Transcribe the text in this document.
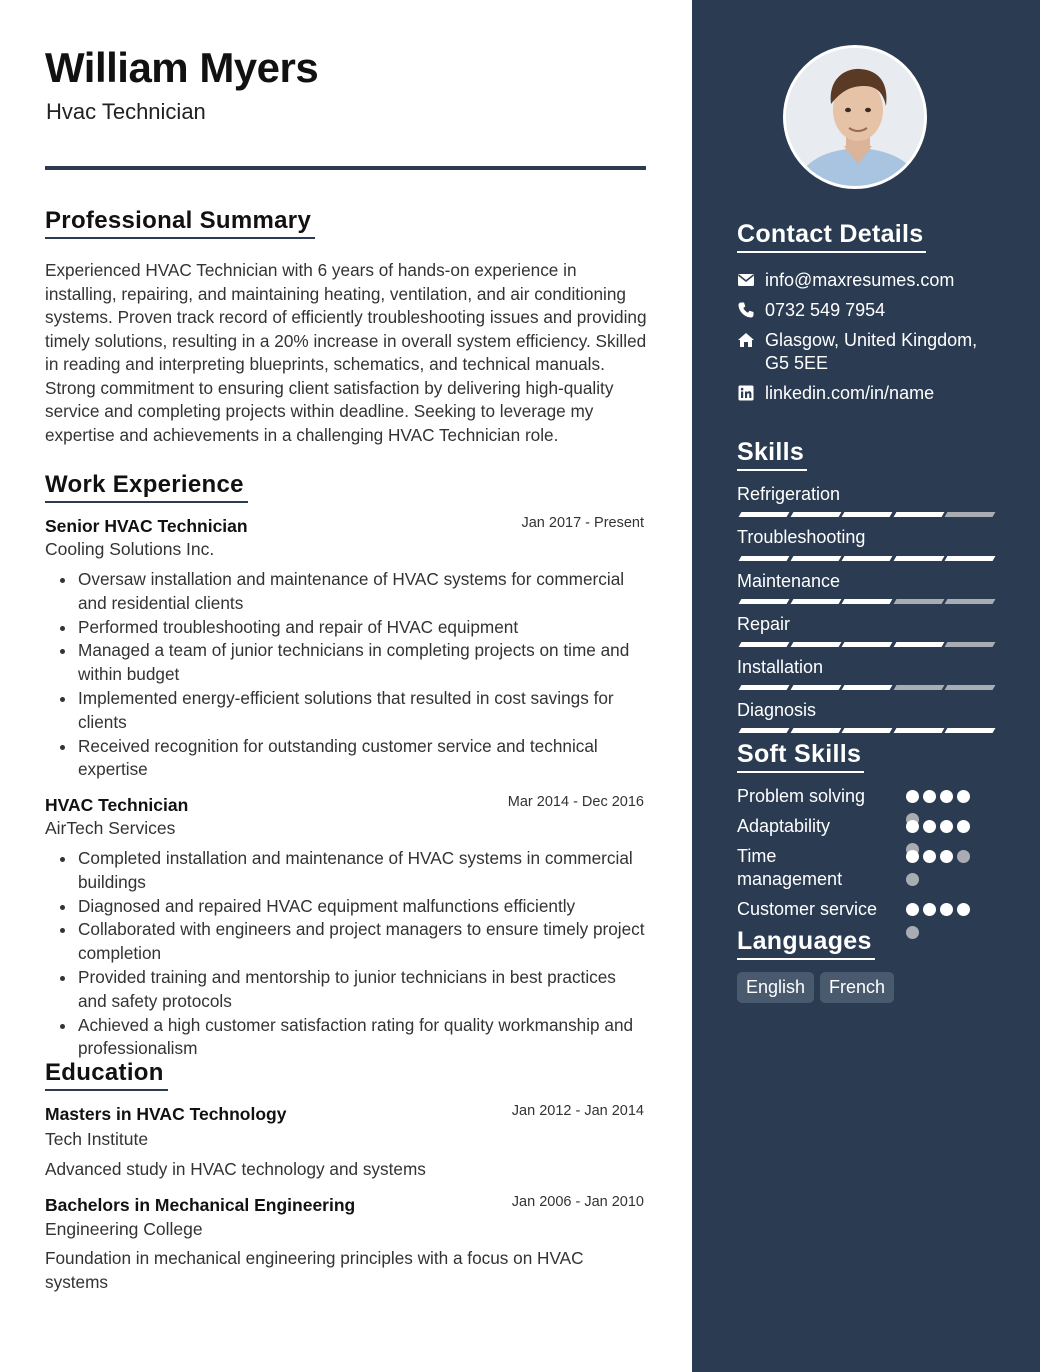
William Myers
Hvac Technician
Professional Summary
Experienced HVAC Technician with 6 years of hands-on experience in installing, repairing, and maintaining heating, ventilation, and air conditioning systems. Proven track record of efficiently troubleshooting issues and providing timely solutions, resulting in a 20% increase in overall system efficiency. Skilled in reading and interpreting blueprints, schematics, and technical manuals. Strong commitment to ensuring client satisfaction by delivering high-quality service and completing projects within deadline. Seeking to leverage my expertise and achievements in a challenging HVAC Technician role.
Work Experience
Senior HVAC Technician	Jan 2017 - Present
Cooling Solutions Inc.
Oversaw installation and maintenance of HVAC systems for commercial and residential clients
Performed troubleshooting and repair of HVAC equipment
Managed a team of junior technicians in completing projects on time and within budget
Implemented energy-efficient solutions that resulted in cost savings for clients
Received recognition for outstanding customer service and technical expertise
HVAC Technician	Mar 2014 - Dec 2016
AirTech Services
Completed installation and maintenance of HVAC systems in commercial buildings
Diagnosed and repaired HVAC equipment malfunctions efficiently
Collaborated with engineers and project managers to ensure timely project completion
Provided training and mentorship to junior technicians in best practices and safety protocols
Achieved a high customer satisfaction rating for quality workmanship and professionalism
Education
Masters in HVAC Technology	Jan 2012 - Jan 2014
Tech Institute
Advanced study in HVAC technology and systems
Bachelors in Mechanical Engineering	Jan 2006 - Jan 2010
Engineering College
Foundation in mechanical engineering principles with a focus on HVAC systems
Contact Details
info@maxresumes.com
0732 549 7954
Glasgow, United Kingdom,
G5 5EE
linkedin.com/in/name
Skills
Refrigeration
Troubleshooting
Maintenance
Repair
Installation
Diagnosis
Soft Skills
Problem solving
Adaptability
Time management
Customer service
Languages
English	French
